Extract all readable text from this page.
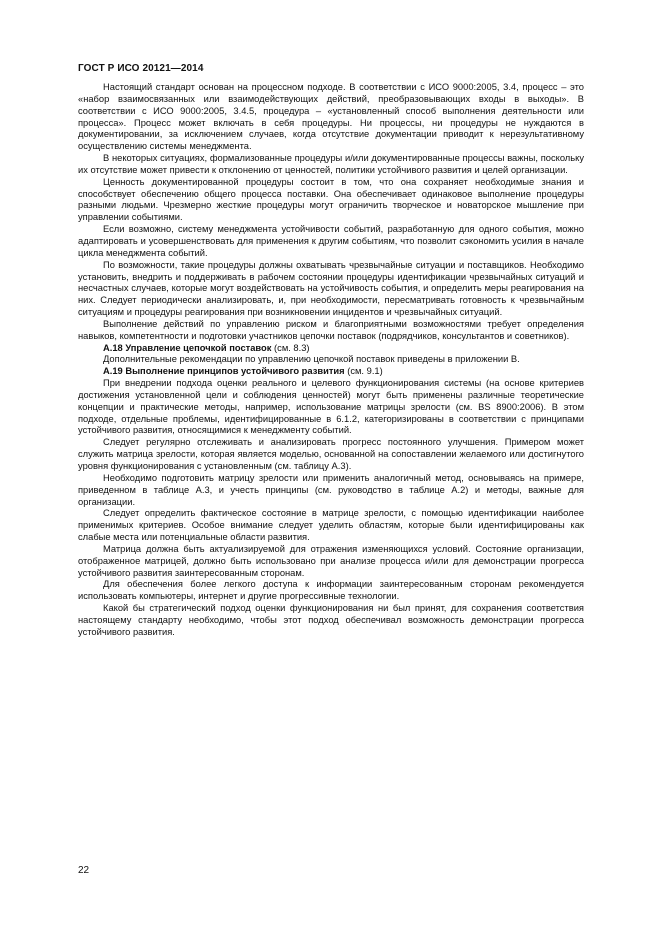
ГОСТ Р ИСО 20121—2014

Настоящий стандарт основан на процессном подходе. В соответствии с ИСО 9000:2005, 3.4, процесс – это «набор взаимосвязанных или взаимодействующих действий, преобразовывающих входы в выходы». В соответствии с ИСО 9000:2005, 3.4.5, процедура – «установленный способ выполнения деятельности или процесса». Процесс может включать в себя процедуры. Ни процессы, ни процедуры не нуждаются в документировании, за исключением случаев, когда отсутствие документации приводит к нерезультативному осуществлению системы менеджмента.

В некоторых ситуациях, формализованные процедуры и/или документированные процессы важны, поскольку их отсутствие может привести к отклонению от ценностей, политики устойчивого развития и целей организации.

Ценность документированной процедуры состоит в том, что она сохраняет необходимые знания и способствует обеспечению общего процесса поставки. Она обеспечивает одинаковое выполнение процедуры разными людьми. Чрезмерно жесткие процедуры могут ограничить творческое и новаторское мышление при управлении событиями.

Если возможно, систему менеджмента устойчивости событий, разработанную для одного события, можно адаптировать и усовершенствовать для применения к другим событиям, что позволит сэкономить усилия в начале цикла менеджмента событий.

По возможности, такие процедуры должны охватывать чрезвычайные ситуации и поставщиков. Необходимо установить, внедрить и поддерживать в рабочем состоянии процедуры идентификации чрезвычайных ситуаций и несчастных случаев, которые могут воздействовать на устойчивость события, и определить меры реагирования на них. Следует периодически анализировать, и, при необходимости, пересматривать готовность к чрезвычайным ситуациям и процедуры реагирования при возникновении инцидентов и чрезвычайных ситуаций.

Выполнение действий по управлению риском и благоприятными возможностями требует определения навыков, компетентности и подготовки участников цепочки поставок (подрядчиков, консультантов и советников).

А.18 Управление цепочкой поставок (см. 8.3)

Дополнительные рекомендации по управлению цепочкой поставок приведены в приложении В.

А.19 Выполнение принципов устойчивого развития (см. 9.1)

При внедрении подхода оценки реального и целевого функционирования системы (на основе критериев достижения установленной цели и соблюдения ценностей) могут быть применены различные теоретические концепции и практические методы, например, использование матрицы зрелости (см. BS 8900:2006). В этом подходе, отдельные проблемы, идентифицированные в 6.1.2, категоризированы в соответствии с принципами устойчивого развития, относящимися к менеджменту событий.

Следует регулярно отслеживать и анализировать прогресс постоянного улучшения. Примером может служить матрица зрелости, которая является моделью, основанной на сопоставлении желаемого или достигнутого уровня функционирования с установленным (см. таблицу А.3).

Необходимо подготовить матрицу зрелости или применить аналогичный метод, основываясь на примере, приведенном в таблице А.3, и учесть принципы (см. руководство в таблице А.2) и методы, важные для организации.

Следует определить фактическое состояние в матрице зрелости, с помощью идентификации наиболее применимых критериев. Особое внимание следует уделить областям, которые были идентифицированы как слабые места или потенциальные области развития.

Матрица должна быть актуализируемой для отражения изменяющихся условий. Состояние организации, отображенное матрицей, должно быть использовано при анализе процесса и/или для демонстрации прогресса устойчивого развития заинтересованным сторонам.

Для обеспечения более легкого доступа к информации заинтересованным сторонам рекомендуется использовать компьютеры, интернет и другие прогрессивные технологии.

Какой бы стратегический подход оценки функционирования ни был принят, для сохранения соответствия настоящему стандарту необходимо, чтобы этот подход обеспечивал возможность демонстрации прогресса устойчивого развития.

22
